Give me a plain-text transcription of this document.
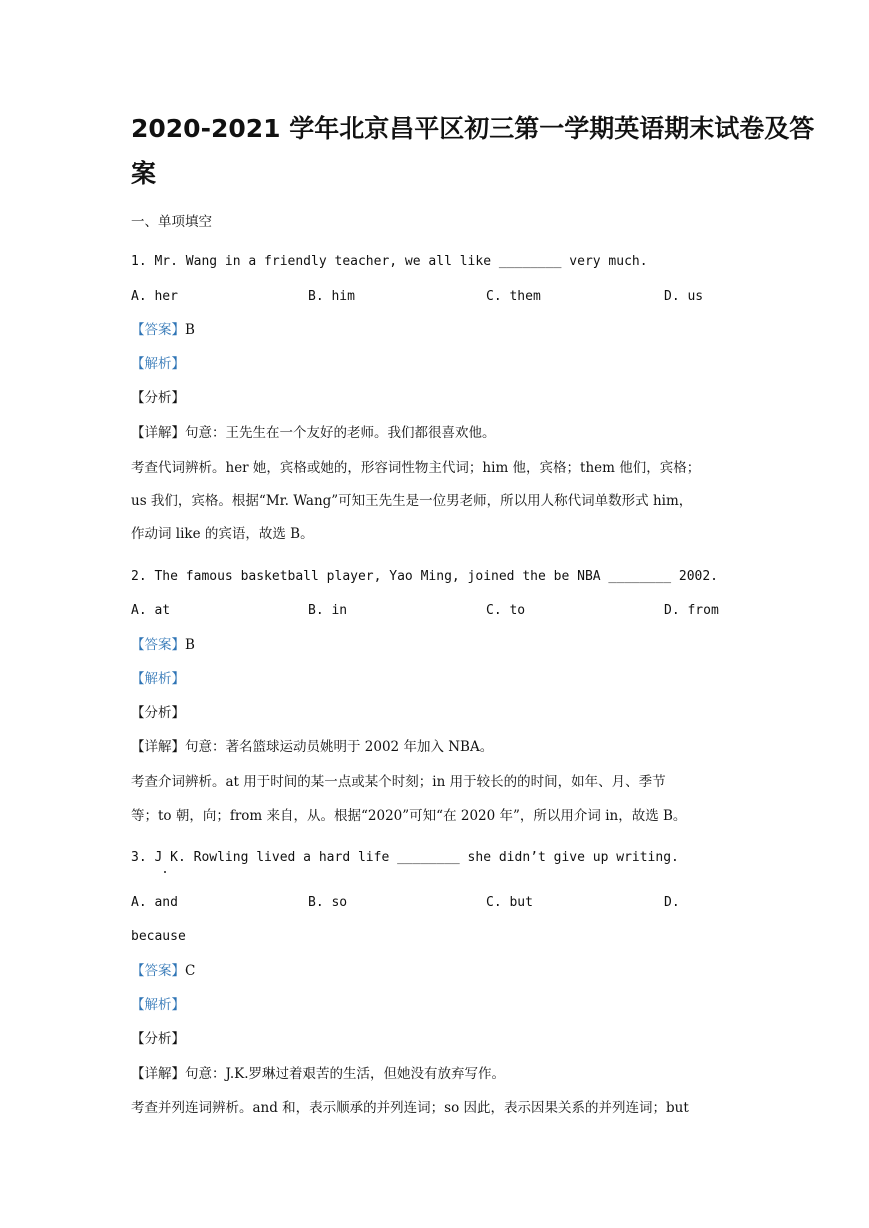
2020-2021 学年北京昌平区初三第一学期英语期末试卷及答
案
一、单项填空
1. Mr. Wang in a friendly teacher, we all like ________ very much.
A. her	B. him	C. them	D. us
【答案】B
【解析】
【分析】
【详解】句意：王先生在一个友好的老师。我们都很喜欢他。
考查代词辨析。her 她，宾格或她的，形容词性物主代词；him 他，宾格；them 他们，宾格；
us 我们，宾格。根据“Mr. Wang”可知王先生是一位男老师，所以用人称代词单数形式 him，
作动词 like 的宾语，故选 B。
2. The famous basketball player, Yao Ming, joined the be NBA ________ 2002.
A. at	B. in	C. to	D. from
【答案】B
【解析】
【分析】
【详解】句意：著名篮球运动员姚明于 2002 年加入 NBA。
考查介词辨析。at 用于时间的某一点或某个时刻；in 用于较长的的时间，如年、月、季节
等；to 朝，向；from 来自，从。根据“2020”可知“在 2020 年”，所以用介词 in，故选 B。
3. J K. Rowling lived a hard life ________ she didn’t give up writing.
A. and	B. so	C. but	D.
because
【答案】C
【解析】
【分析】
【详解】句意：J.K.罗琳过着艰苦的生活，但她没有放弃写作。
考查并列连词辨析。and 和，表示顺承的并列连词；so 因此，表示因果关系的并列连词；but
